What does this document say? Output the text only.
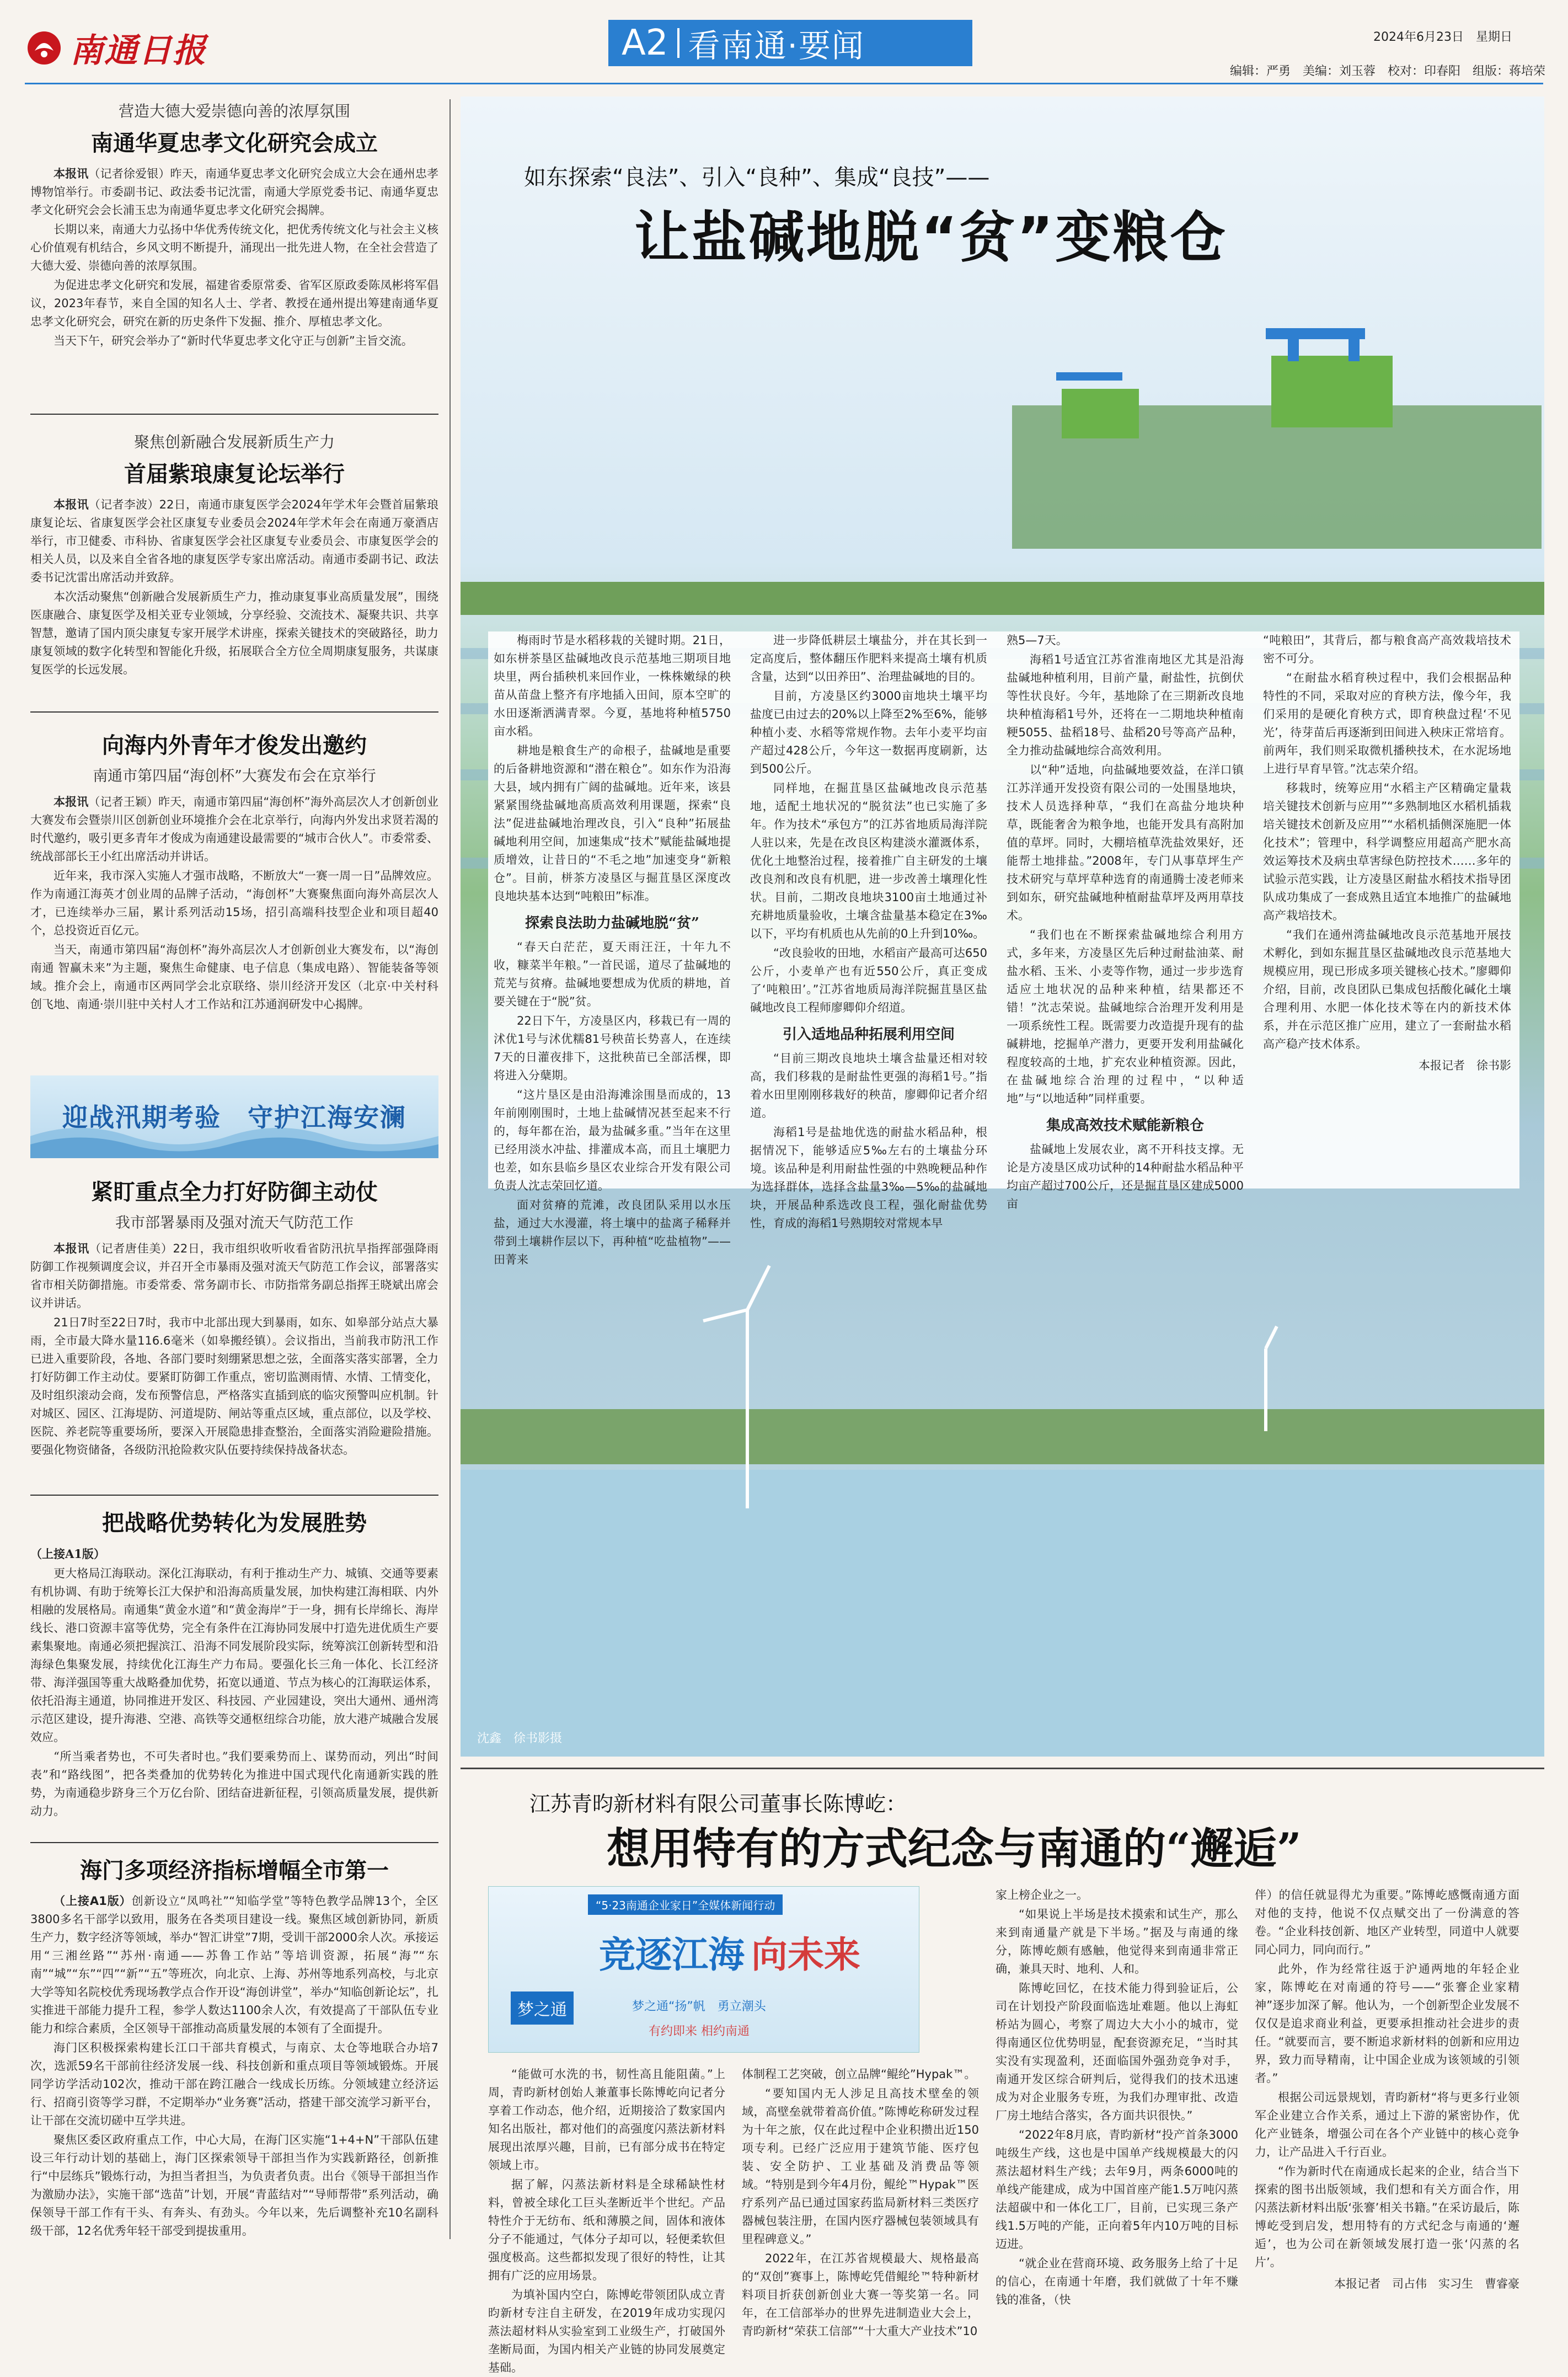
南通日报	A2 看南通·要闻	2024年6月23日　 星期日
编辑：严勇　美编：刘玉蓉　校对：印春阳　组版：蒋培荣
营造大德大爱崇德向善的浓厚氛围
南通华夏忠孝文化研究会成立

本报讯（记者徐爱银）昨天，南通华夏忠孝文化研究会成立大会在通州忠孝博物馆举行。市委副书记、政法委书记沈雷，南通大学原党委书记、南通华夏忠孝文化研究会会长浦玉忠为南通华夏忠孝文化研究会揭牌。

长期以来，南通大力弘扬中华优秀传统文化，把优秀传统文化与社会主义核心价值观有机结合，乡风文明不断提升，涌现出一批先进人物，在全社会营造了大德大爱、崇德向善的浓厚氛围。

为促进忠孝文化研究和发展，福建省委原常委、省军区原政委陈凤彬将军倡议，2023年春节，来自全国的知名人士、学者、教授在通州提出筹建南通华夏忠孝文化研究会，研究在新的历史条件下发掘、推介、厚植忠孝文化。

当天下午，研究会举办了“新时代华夏忠孝文化守正与创新”主旨交流。

聚焦创新融合发展新质生产力
首届紫琅康复论坛举行

本报讯（记者李波）22日，南通市康复医学会2024年学术年会暨首届紫琅康复论坛、省康复医学会社区康复专业委员会2024年学术年会在南通万豪酒店举行，市卫健委、市科协、省康复医学会社区康复专业委员会、市康复医学会的相关人员，以及来自全省各地的康复医学专家出席活动。南通市委副书记、政法委书记沈雷出席活动并致辞。

本次活动聚焦“创新融合发展新质生产力，推动康复事业高质量发展”，围绕医康融合、康复医学及相关亚专业领域，分享经验、交流技术、凝聚共识、共享智慧，邀请了国内顶尖康复专家开展学术讲座，探索关键技术的突破路径，助力康复领域的数字化转型和智能化升级，拓展联合全方位全周期康复服务，共谋康复医学的长远发展。

向海内外青年才俊发出邀约
南通市第四届“海创杯”大赛发布会在京举行

本报讯（记者王颖）昨天，南通市第四届“海创杯”海外高层次人才创新创业大赛发布会暨崇川区创新创业环境推介会在北京举行，向海内外发出求贤若渴的时代邀约，吸引更多青年才俊成为南通建设最需要的“城市合伙人”。市委常委、统战部部长王小红出席活动并讲话。

近年来，我市深入实施人才强市战略，不断放大“一赛一周一日”品牌效应。作为南通江海英才创业周的品牌子活动，“海创杯”大赛聚焦面向海外高层次人才，已连续举办三届，累计系列活动15场，招引高端科技型企业和项目超40个，总投资近百亿元。

当天，南通市第四届“海创杯”海外高层次人才创新创业大赛发布，以“海创南通 智赢未来”为主题，聚焦生命健康、电子信息（集成电路）、智能装备等领域。推介会上，南通市区两同学会北京联络、崇川经济开发区（北京·中关村科创飞地、南通·崇川驻中关村人才工作站和江苏通润研发中心揭牌。

迎战汛期考验　 守护江海安澜
紧盯重点全力打好防御主动仗
我市部署暴雨及强对流天气防范工作

本报讯（记者唐佳美）22日，我市组织收听收看省防汛抗旱指挥部强降雨防御工作视频调度会议，并召开全市暴雨及强对流天气防范工作会议，部署落实省市相关防御措施。市委常委、常务副市长、市防指常务副总指挥王晓斌出席会议并讲话。

21日7时至22日7时，我市中北部出现大到暴雨，如东、如皋部分站点大暴雨，全市最大降水量116.6毫米（如皋搬经镇）。会议指出，当前我市防汛工作已进入重要阶段，各地、各部门要时刻绷紧思想之弦，全面落实落实部署，全力打好防御工作主动仗。要紧盯防御工作重点，密切监测雨情、水情、工情变化，及时组织滚动会商，发布预警信息，严格落实直插到底的临灾预警叫应机制。针对城区、园区、江海堤防、河道堤防、闸站等重点区域，重点部位，以及学校、医院、养老院等重要场所，要深入开展隐患排查整治，全面落实消险避险措施。要强化物资储备，各级防汛抢险救灾队伍要持续保持战备状态。

把战略优势转化为发展胜势

（上接A1版）

更大格局江海联动。深化江海联动，有利于推动生产力、城镇、交通等要素有机协调、有助于统筹长江大保护和沿海高质量发展，加快构建江海相联、内外相融的发展格局。南通集“黄金水道”和“黄金海岸”于一身，拥有长岸绵长、海岸线长、港口资源丰富等优势，完全有条件在江海协同发展中打造先进优质生产要素集聚地。南通必须把握滨江、沿海不同发展阶段实际，统筹滨江创新转型和沿海绿色集聚发展，持续优化江海生产力布局。要强化长三角一体化、长江经济带、海洋强国等重大战略叠加优势，拓宽以通道、节点为核心的江海联运体系，依托沿海主通道，协同推进开发区、科技园、产业园建设，突出大通州、通州湾示范区建设，提升海港、空港、高铁等交通枢纽综合功能，放大港产城融合发展效应。

“所当乘者势也，不可失者时也。”我们要乘势而上、谋势而动，列出“时间表”和“路线图”，把各类叠加的优势转化为推进中国式现代化南通新实践的胜势，为南通稳步跻身三个万亿台阶、团结奋进新征程，引领高质量发展，提供新动力。

海门多项经济指标增幅全市第一

（上接A1版）创新设立“凤鸣社”“知临学堂”等特色教学品牌13个，全区3800多名干部学以致用，服务在各类项目建设一线。聚焦区域创新协同，新质生产力，数字经济等领域，举办“智汇讲堂”7期，受训干部2000余人次。承接运用“三湘丝路”“苏州·南通——苏鲁工作站”等培训资源，拓展“海”“东南”“城”“东”“四”“新”“五”等班次，向北京、上海、苏州等地系列高校，与北京大学等知名院校优秀现场教学点合作开设“海创讲堂”，举办“知临创新论坛”，扎实推进干部能力提升工程，参学人数达1100余人次，有效提高了干部队伍专业能力和综合素质，全区领导干部推动高质量发展的本领有了全面提升。

海门区积极探索构建长江口干部共育模式，与南京、太仓等地联合办培7次，选派59名干部前往经济发展一线、科技创新和重点项目等领域锻炼。开展同学访学活动102次，推动干部在跨江融合一线成长历练。分领域建立经济运行、招商引资等学习群，不定期举办“业务赛”活动，搭建干部交流学习新平台，让干部在交流切磋中互学共进。

聚焦区委区政府重点工作，中心大局，在海门区实施“1+4+N”干部队伍建设三年行动计划的基础上，海门区探索领导干部担当作为实践新路径，创新推行“中层练兵”锻炼行动，为担当者担当，为负责者负责。出台《领导干部担当作为激励办法》，实施干部“选苗”计划，开展“青蓝结对”“导师帮带”系列活动，确保领导干部工作有干头、有奔头、有劲头。今年以来，先后调整补充10名副科级干部，12名优秀年轻干部受到提拔重用。

沈鑫　徐书影摄
如东探索“良法”、引入“良种”、集成“良技”——
让盐碱地脱“贫”变粮仓

梅雨时节是水稻移栽的关键时期。21日，如东栟茶垦区盐碱地改良示范基地三期项目地块里，两台插秧机来回作业，一株株嫩绿的秧苗从苗盘上整齐有序地插入田间，原本空旷的水田逐渐洒满青翠。今夏，基地将种植5750亩水稻。

耕地是粮食生产的命根子，盐碱地是重要的后备耕地资源和“潜在粮仓”。如东作为沿海大县，域内拥有广阔的盐碱地。近年来，该县紧紧围绕盐碱地高质高效利用课题，探索“良法”促进盐碱地治理改良，引入“良种”拓展盐碱地利用空间，加速集成“技术”赋能盐碱地提质增效，让昔日的“不毛之地”加速变身“新粮仓”。目前，栟茶方凌垦区与掘苴垦区深度改良地块基本达到“吨粮田”标准。

探索良法助力盐碱地脱“贫”

“春天白茫茫，夏天雨汪汪，十年九不收，糠菜半年粮。”一首民谣，道尽了盐碱地的荒芜与贫瘠。盐碱地要想成为优质的耕地，首要关键在于“脱”贫。

22日下午，方凌垦区内，移栽已有一周的沭优1号与沭优糯81号秧苗长势喜人，在连续7天的日灌夜排下，这批秧苗已全部活棵，即将进入分蘖期。

“这片垦区是由沿海滩涂围垦而成的，13年前刚刚围时，土地上盐碱情况甚至起来不行的，每年都在治，最为盐碱多重。”当年在这里已经用淡水冲盐、排灌成本高，而且土壤肥力也差，如东县临乡垦区农业综合开发有限公司负责人沈志荣回忆道。

面对贫瘠的荒滩，改良团队采用以水压盐，通过大水漫灌，将土壤中的盐离子稀释并带到土壤耕作层以下，再种植“吃盐植物”——田菁来

进一步降低耕层土壤盐分，并在其长到一定高度后，整体翻压作肥料来提高土壤有机质含量，达到“以田养田”、治理盐碱地的目的。

目前，方凌垦区约3000亩地块土壤平均盐度已由过去的20%以上降至2%至6%，能够种植小麦、水稻等常规作物。去年小麦平均亩产超过428公斤，今年这一数据再度刷新，达到500公斤。

同样地，在掘苴垦区盐碱地改良示范基地，适配土地状况的“脱贫法”也已实施了多年。作为技术“承包方”的江苏省地质局海洋院人驻以来，先是在改良区构建淡水灌溉体系，优化土地整治过程，接着推广自主研发的土壤改良剂和改良有机肥，进一步改善土壤理化性状。目前，二期改良地块3100亩土地通过补充耕地质量验收，土壤含盐量基本稳定在3‰以下，平均有机质也从先前的0上升到10‰。

“改良验收的田地，水稻亩产最高可达650公斤，小麦单产也有近550公斤，真正变成了‘吨粮田’。”江苏省地质局海洋院掘苴垦区盐碱地改良工程师廖卿仰介绍道。

引入适地品种拓展利用空间

“目前三期改良地块土壤含盐量还相对较高，我们移栽的是耐盐性更强的海稻1号。”指着水田里刚刚移栽好的秧苗，廖卿仰记者介绍道。

海稻1号是盐地优选的耐盐水稻品种，根据情况下，能够适应5‰左右的土壤盐分环境。该品种是利用耐盐性强的中熟晚粳品种作为选择群体，选择含盐量3‰—5‰的盐碱地块，开展品种系选改良工程，强化耐盐优势性，育成的海稻1号熟期较对常规本早

熟5—7天。

海稻1号适宜江苏省淮南地区尤其是沿海盐碱地种植利用，目前产量，耐盐性，抗倒伏等性状良好。今年，基地除了在三期新改良地块种植海稻1号外，还将在一二期地块种植南粳5055、盐稻18号、盐稻20号等高产品种，全力推动盐碱地综合高效利用。

以“种”适地，向盐碱地要效益，在洋口镇江苏洋通开发投资有限公司的一处围垦地块，技术人员选择种草，“我们在高盐分地块种草，既能奢舍为粮争地，也能开发具有高附加值的草坪。同时，大棚培植草洗盐效果好，还能帮土地排盐。”2008年，专门从事草坪生产技术研究与草坪草种选育的南通腾士凌老师来到如东，研究盐碱地种植耐盐草坪及两用草技术。

“我们也在不断探索盐碱地综合利用方式，多年来，方凌垦区先后种过耐盐油菜、耐盐水稻、玉米、小麦等作物，通过一步步选育适应土地状况的品种来种植，结果都还不错！”沈志荣说。盐碱地综合治理开发利用是一项系统性工程。既需要力改造提升现有的盐碱耕地，挖掘单产潜力，更要开发利用盐碱化程度较高的土地，扩充农业种植资源。因此，在盐碱地综合治理的过程中，“以种适地”与“以地适种”同样重要。

集成高效技术赋能新粮仓

盐碱地上发展农业，离不开科技支撑。无论是方凌垦区成功试种的14种耐盐水稻品种平均亩产超过700公斤，还是掘苴垦区建成5000亩

“吨粮田”，其背后，都与粮食高产高效栽培技术密不可分。

“在耐盐水稻育秧过程中，我们会根据品种特性的不同，采取对应的育秧方法，像今年，我们采用的是硬化育秧方式，即育秧盘过程‘不见光’，待芽苗后再逐渐到田间进入秧床正常培育。前两年，我们则采取微机播秧技术，在水泥场地上进行早育早管。”沈志荣介绍。

移栽时，统筹应用“水稻主产区精确定量栽培关键技术创新与应用”“多熟制地区水稻机插栽培关键技术创新及应用”“水稻机插侧深施肥一体化技术”；管理中，科学调整应用超高产肥水高效运筹技术及病虫草害绿色防控技术……多年的试验示范实践，让方凌垦区耐盐水稻技术指导团队成功集成了一套成熟且适宜本地推广的盐碱地高产栽培技术。

“我们在通州湾盐碱地改良示范基地开展技术孵化，到如东掘苴垦区盐碱地改良示范基地大规模应用，现已形成多项关键核心技术。”廖卿仰介绍，目前，改良团队已集成包括酸化碱化土壤合理利用、水肥一体化技术等在内的新技术体系，并在示范区推广应用，建立了一套耐盐水稻高产稳产技术体系。

本报记者　徐书影
江苏青昀新材料有限公司董事长陈博屹：
想用特有的方式纪念与南通的“邂逅”
“5·23南通企业家日”全媒体新闻行动
竞逐江海 向未来
梦之通	梦之通“扬”帆　勇立潮头
有约即来 相约南通

“能做可水洗的书，韧性高且能阻菌。”上周，青昀新材创始人兼董事长陈博屹向记者分享着工作动态，他介绍，近期接洽了数家国内知名出版社，都对他们的高强度闪蒸法新材料展现出浓厚兴趣，目前，已有部分成书在特定领域上市。

据了解，闪蒸法新材料是全球稀缺性材料，曾被全球化工巨头垄断近半个世纪。产品特性介于无纺布、纸和薄膜之间，固体和液体分子不能通过，气体分子却可以，轻便柔软但强度极高。这些都拟发现了很好的特性，让其拥有广泛的应用场景。

为填补国内空白，陈博屹带领团队成立青昀新材专注自主研发，在2019年成功实现闪蒸法超材料从实验室到工业级生产，打破国外垄断局面，为国内相关产业链的协同发展奠定基础。

体制程工艺突破，创立品牌“鲲纶”Hypak™。

“要知国内无人涉足且高技术壁垒的领域，高壁垒就带着高价值。”陈博屹称研发过程为十年之旅，仅在此过程中企业积攒出近150项专利。已经广泛应用于建筑节能、医疗包装、安全防护、工业基础及消费品等领域。“特别是到今年4月份，鲲纶™Hypak™医疗系列产品已通过国家药监局新材料三类医疗器械包装注册，在国内医疗器械包装领域具有里程碑意义。”

2022年，在江苏省规模最大、规格最高的“双创”赛事上，陈博屹凭借鲲纶™特种新材料项目折获创新创业大赛一等奖第一名。同年，在工信部举办的世界先进制造业大会上，青昀新材“荣获工信部”“十大重大产业技术”10

家上榜企业之一。

“如果说上半场是技术摸索和试生产，那么来到南通量产就是下半场。”据及与南通的缘分，陈博屹颇有感触，他觉得来到南通非常正确，兼具天时、地利、人和。

陈博屹回忆，在技术能力得到验证后，公司在计划投产阶段面临选址难题。他以上海虹桥站为圆心，考察了周边大大小小的城市，觉得南通区位优势明显，配套资源充足，“当时其实没有实现盈利，还面临国外强劲竞争对手，南通开发区综合研判后，觉得我们的技术迅速成为对企业服务专班，为我们办理审批、改造厂房土地结合落实，各方面共识很快。”

“2022年8月底，青昀新材“投产首条3000吨级生产线，这也是中国单产线规模最大的闪蒸法超材料生产线；去年9月，两条6000吨的单线产能建成，成为中国首座产能1.5万吨闪蒸法超碳中和一体化工厂，目前，已实现三条产线1.5万吨的产能，正向着5年内10万吨的目标迈进。

“就企业在营商环境、政务服务上给了十足的信心，在南通十年磨，我们就做了十年不赚钱的准备，（快

伴）的信任就显得尤为重要。”陈博屹感慨南通方面对他的支持，他说不仅点赋交出了一份满意的答卷。“企业科技创新、地区产业转型，同道中人就要同心同力，同向而行。”

此外，作为经常往返于沪通两地的年轻企业家，陈博屹在对南通的符号——“张謇企业家精神”逐步加深了解。他认为，一个创新型企业发展不仅仅是追求商业利益，更要承担推动社会进步的责任。“就要而言，要不断追求新材料的创新和应用边界，致力而导精南，让中国企业成为该领域的引领者。”

根据公司远景规划，青昀新材“将与更多行业领军企业建立合作关系，通过上下游的紧密协作，优化产业链条，增强公司在各个产业链中的核心竞争力，让产品进入千行百业。

“作为新时代在南通成长起来的企业，结合当下探索的图书出版领域，我们想和有关方面合作，用闪蒸法新材料出版‘张謇’相关书籍。”在采访最后，陈博屹受到启发，想用特有的方式纪念与南通的‘邂逅’，也为公司在新领域发展打造一张‘闪蒸的名片’。

本报记者　司占伟　实习生　曹睿豪
